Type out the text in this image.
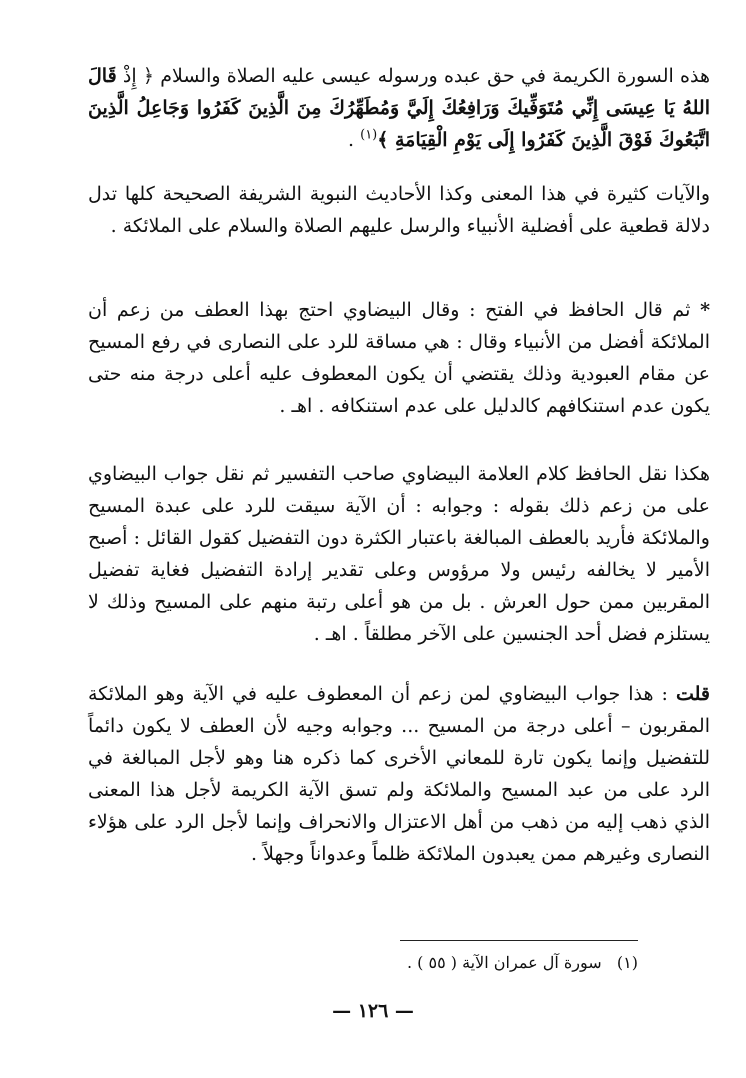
هذه السورة الكريمة في حق عبده ورسوله عيسى عليه الصلاة والسلام ﴿ إِذْ قَالَ اللهُ يَا عِيسَى إِنِّي مُتَوَفِّيكَ وَرَافِعُكَ إِلَيَّ وَمُطَهِّرُكَ مِنَ الَّذِينَ كَفَرُوا وَجَاعِلُ الَّذِينَ اتَّبَعُوكَ فَوْقَ الَّذِينَ كَفَرُوا إِلَى يَوْمِ الْقِيَامَةِ ﴾$^{(١)}$ .

والآيات كثيرة في هذا المعنى وكذا الأحاديث النبوية الشريفة الصحيحة كلها تدل دلالة قطعية على أفضلية الأنبياء والرسل عليهم الصلاة والسلام على الملائكة .

* ثم قال الحافظ في الفتح : وقال البيضاوي احتج بهذا العطف من زعم أن الملائكة أفضل من الأنبياء وقال : هي مساقة للرد على النصارى في رفع المسيح عن مقام العبودية وذلك يقتضي أن يكون المعطوف عليه أعلى درجة منه حتى يكون عدم استنكافهم كالدليل على عدم استنكافه . اهـ .

هكذا نقل الحافظ كلام العلامة البيضاوي صاحب التفسير ثم نقل جواب البيضاوي على من زعم ذلك بقوله : وجوابه : أن الآية سيقت للرد على عبدة المسيح والملائكة فأريد بالعطف المبالغة باعتبار الكثرة دون التفضيل كقول القائل : أصبح الأمير لا يخالفه رئيس ولا مرؤوس وعلى تقدير إرادة التفضيل فغاية تفضيل المقربين ممن حول العرش . بل من هو أعلى رتبة منهم على المسيح وذلك لا يستلزم فضل أحد الجنسين على الآخر مطلقاً . اهـ .

قلت : هذا جواب البيضاوي لمن زعم أن المعطوف عليه في الآية وهو الملائكة المقربون – أعلى درجة من المسيح ... وجوابه وجيه لأن العطف لا يكون دائماً للتفضيل وإنما يكون تارة للمعاني الأخرى كما ذكره هنا وهو لأجل المبالغة في الرد على من عبد المسيح والملائكة ولم تسق الآية الكريمة لأجل هذا المعنى الذي ذهب إليه من ذهب من أهل الاعتزال والانحراف وإنما لأجل الرد على هؤلاء النصارى وغيرهم ممن يعبدون الملائكة ظلماً وعدواناً وجهلاً .

(١)   سورة آل عمران الآية ( ٥٥ ) .
— ١٢٦ —
